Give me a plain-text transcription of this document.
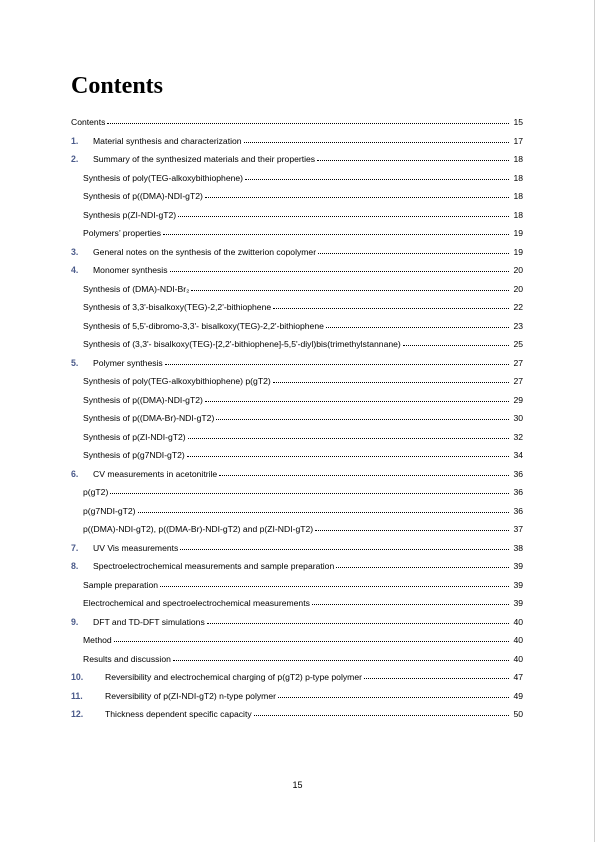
Contents
Contents	15
1.	Material synthesis and characterization	17
2.	Summary of the synthesized materials and their properties	18
Synthesis of poly(TEG-alkoxybithiophene)	18
Synthesis of p((DMA)-NDI-gT2)	18
Synthesis p(ZI-NDI-gT2)	18
Polymers’ properties	19
3.	General notes on the synthesis of the zwitterion copolymer	19
4.	Monomer synthesis	20
Synthesis of (DMA)-NDI-Br₂	20
Synthesis of 3,3'-bisalkoxy(TEG)-2,2'-bithiophene	22
Synthesis of 5,5'-dibromo-3,3'- bisalkoxy(TEG)-2,2'-bithiophene	23
Synthesis of (3,3'- bisalkoxy(TEG)-[2,2'-bithiophene]-5,5'-diyl)bis(trimethylstannane)	25
5.	Polymer synthesis	27
Synthesis of poly(TEG-alkoxybithiophene) p(gT2)	27
Synthesis of p((DMA)-NDI-gT2)	29
Synthesis of p((DMA-Br)-NDI-gT2)	30
Synthesis of p(ZI-NDI-gT2)	32
Synthesis of p(g7NDI-gT2)	34
6.	CV measurements in acetonitrile	36
p(gT2)	36
p(g7NDI-gT2)	36
p((DMA)-NDI-gT2), p((DMA-Br)-NDI-gT2) and p(ZI-NDI-gT2)	37
7.	UV Vis measurements	38
8.	Spectroelectrochemical measurements and sample preparation	39
Sample preparation	39
Electrochemical and spectroelectrochemical measurements	39
9.	DFT and TD-DFT simulations	40
Method	40
Results and discussion	40
10.	Reversibility and electrochemical charging of p(gT2) p-type polymer	47
11.	Reversibility of p(ZI-NDI-gT2) n-type polymer	49
12.	Thickness dependent specific capacity	50
15
